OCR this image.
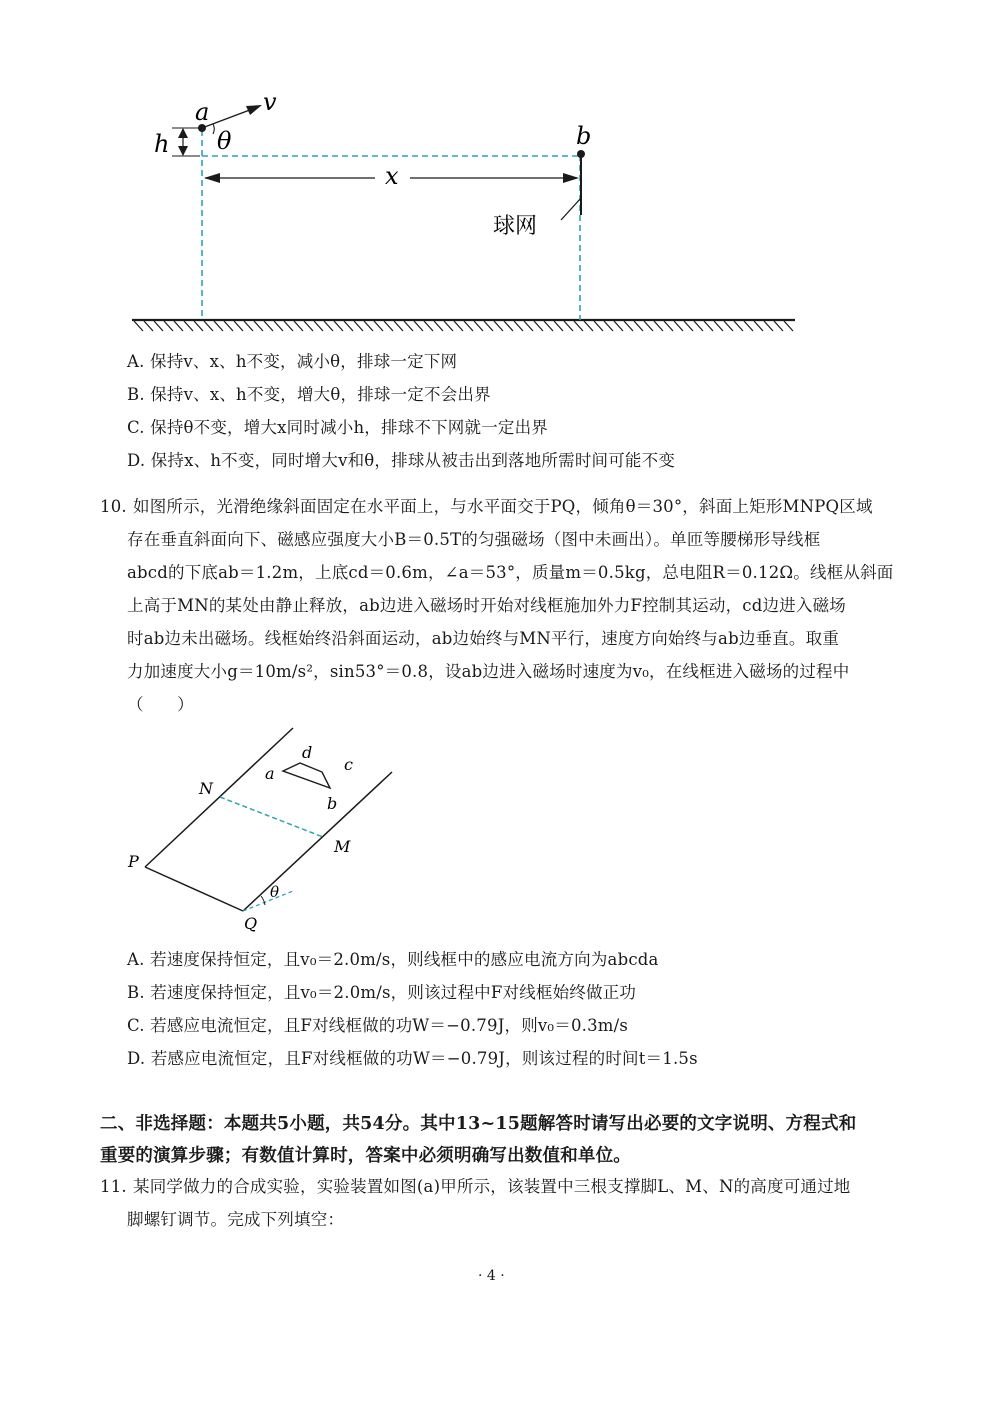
a v
h θ	b
x
球网
A. 保持v、x、h不变，减小θ，排球一定下网
B. 保持v、x、h不变，增大θ，排球一定不会出界
C. 保持θ不变，增大x同时减小h，排球不下网就一定出界
D. 保持x、h不变，同时增大v和θ，排球从被击出到落地所需时间可能不变
10. 如图所示，光滑绝缘斜面固定在水平面上，与水平面交于PQ，倾角θ＝30°，斜面上矩形MNPQ区域
存在垂直斜面向下、磁感应强度大小B＝0.5T的匀强磁场（图中未画出）。单匝等腰梯形导线框
abcd的下底ab＝1.2m，上底cd＝0.6m，∠a＝53°，质量m＝0.5kg，总电阻R＝0.12Ω。线框从斜面
上高于MN的某处由静止释放，ab边进入磁场时开始对线框施加外力F控制其运动，cd边进入磁场
时ab边未出磁场。线框始终沿斜面运动，ab边始终与MN平行，速度方向始终与ab边垂直。取重
力加速度大小g＝10m/s²，sin53°＝0.8，设ab边进入磁场时速度为v₀，在线框进入磁场的过程中
（　　）
N
M
P
Q
a
b
c
d
θ
A. 若速度保持恒定，且v₀＝2.0m/s，则线框中的感应电流方向为abcda
B. 若速度保持恒定，且v₀＝2.0m/s，则该过程中F对线框始终做正功
C. 若感应电流恒定，且F对线框做的功W＝−0.79J，则v₀＝0.3m/s
D. 若感应电流恒定，且F对线框做的功W＝−0.79J，则该过程的时间t＝1.5s
二、非选择题：本题共5小题，共54分。其中13~15题解答时请写出必要的文字说明、方程式和
重要的演算步骤；有数值计算时，答案中必须明确写出数值和单位。
11. 某同学做力的合成实验，实验装置如图(a)甲所示，该装置中三根支撑脚L、M、N的高度可通过地
脚螺钉调节。完成下列填空：
· 4 ·
